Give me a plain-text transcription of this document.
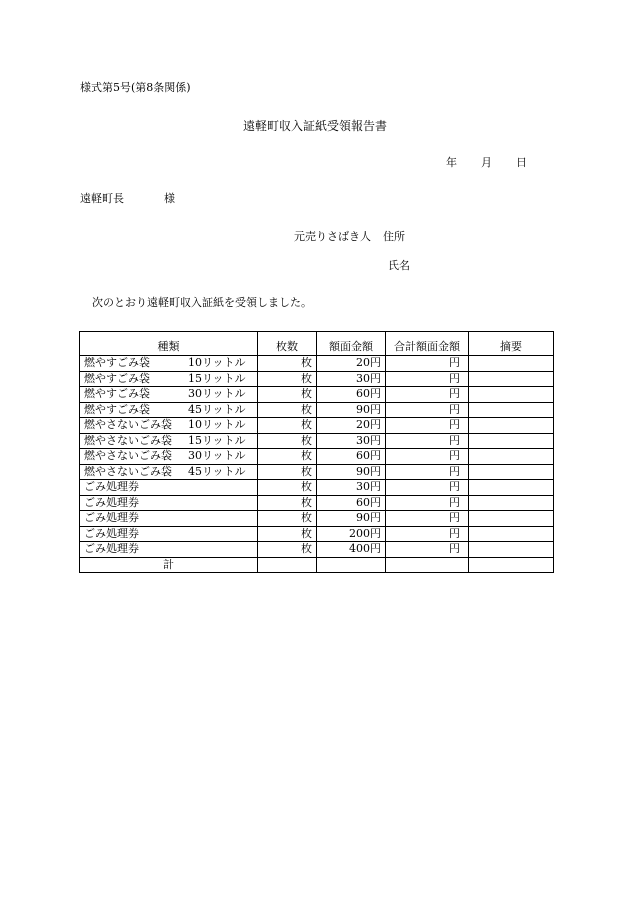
様式第5号(第8条関係)
遠軽町収入証紙受領報告書
年 月 日
遠軽町長	様
元売りさばき人 住所
氏名
次のとおり遠軽町収入証紙を受領しました。
種類	枚数	額面金額	合計額面金額	摘要
燃やすごみ袋 10リットル	枚	20円	円	
燃やすごみ袋 15リットル	枚	30円	円	
燃やすごみ袋 30リットル	枚	60円	円	
燃やすごみ袋 45リットル	枚	90円	円	
燃やさないごみ袋 10リットル	枚	20円	円	
燃やさないごみ袋 15リットル	枚	30円	円	
燃やさないごみ袋 30リットル	枚	60円	円	
燃やさないごみ袋 45リットル	枚	90円	円	
ごみ処理券	枚	30円	円	
ごみ処理券	枚	60円	円	
ごみ処理券	枚	90円	円	
ごみ処理券	枚	200円	円	
ごみ処理券	枚	400円	円	
計				
